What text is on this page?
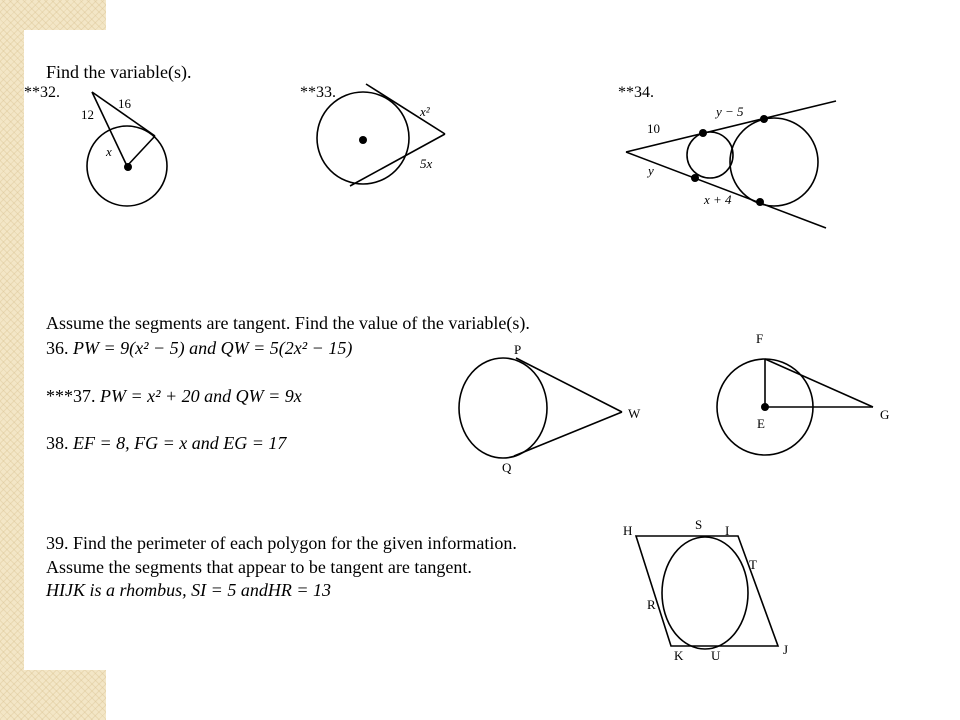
Find the variable(s).
**32.
12
16
x
**33.
x²
5x
**34.
10
y
y − 5
x + 4
Assume the segments are tangent. Find the value of the variable(s).
36. PW = 9(x² − 5) and QW = 5(2x² − 15)
***37. PW = x² + 20 and QW = 9x
38. EF = 8, FG = x and EG = 17
P
Q
W
F
E
G
39. Find the perimeter of each polygon for the given information.
Assume the segments that appear to be tangent are tangent.
HIJK is a rhombus, SI = 5 andHR = 13
H	S I
T
R
K U	J
